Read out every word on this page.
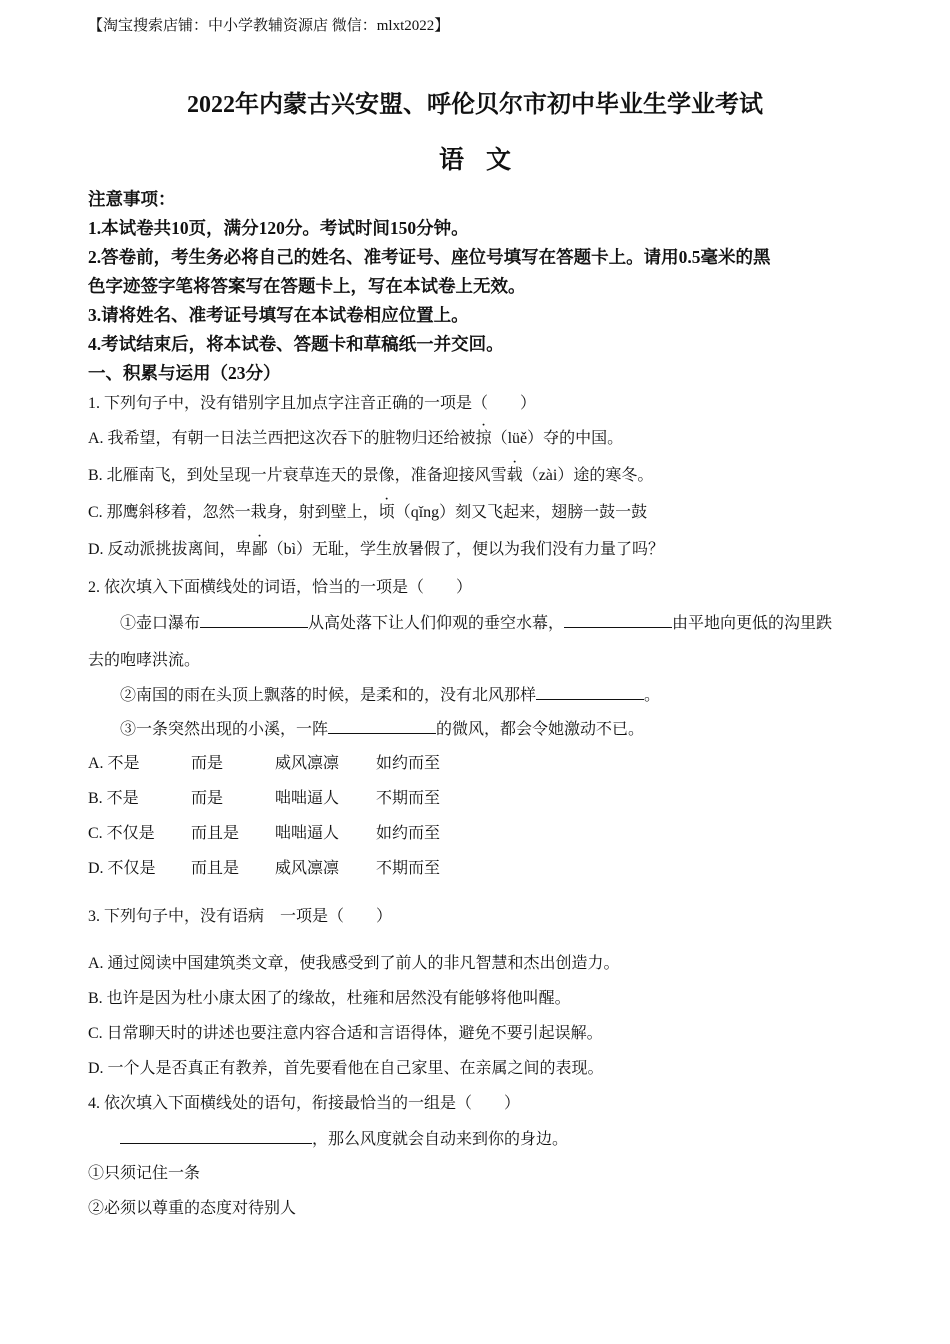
【淘宝搜索店铺：中小学教辅资源店 微信：mlxt2022】
2022年内蒙古兴安盟、呼伦贝尔市初中毕业生学业考试
语文
注意事项：
1.本试卷共10页，满分120分。考试时间150分钟。
2.答卷前，考生务必将自己的姓名、准考证号、座位号填写在答题卡上。请用0.5毫米的黑
色字迹签字笔将答案写在答题卡上，写在本试卷上无效。
3.请将姓名、准考证号填写在本试卷相应位置上。
4.考试结束后，将本试卷、答题卡和草稿纸一并交回。
一、积累与运用（23分）
1. 下列句子中，没有错别字且加点字注音正确的一项是（　　）
A. 我希望，有朝一日法兰西把这次吞下的脏物归还给被掠（lüě）夺的中国。
B. 北雁南飞，到处呈现一片衰草连天的景像，准备迎接风雪载（zài）途的寒冬。
C. 那鹰斜移着，忽然一栽身，射到壁上，顷（qǐng）刻又飞起来，翅膀一鼓一鼓
D. 反动派挑拔离间，卑鄙（bì）无耻，学生放暑假了，便以为我们没有力量了吗？
2. 依次填入下面横线处的词语，恰当的一项是（　　）
①壶口瀑布	从高处落下让人们仰观的垂空水幕，	由平地向更低的沟里跌
去的咆哮洪流。
②南国的雨在头顶上飘落的时候，是柔和的，没有北风那样	。
③一条突然出现的小溪，一阵	的微风，都会令她激动不已。
A. 不是	而是	威风凛凛 如约而至
B. 不是	而是	咄咄逼人 不期而至
C. 不仅是 而且是 咄咄逼人 如约而至
D. 不仅是 而且是 威风凛凛 不期而至
3. 下列句子中，没有语病　一项是（　　）
A. 通过阅读中国建筑类文章，使我感受到了前人的非凡智慧和杰出创造力。
B. 也许是因为杜小康太困了的缘故，杜雍和居然没有能够将他叫醒。
C. 日常聊天时的讲述也要注意内容合适和言语得体，避免不要引起误解。
D. 一个人是否真正有教养，首先要看他在自己家里、在亲属之间的表现。
4. 依次填入下面横线处的语句，衔接最恰当的一组是（　　）
，那么风度就会自动来到你的身边。
①只须记住一条
②必须以尊重的态度对待别人
